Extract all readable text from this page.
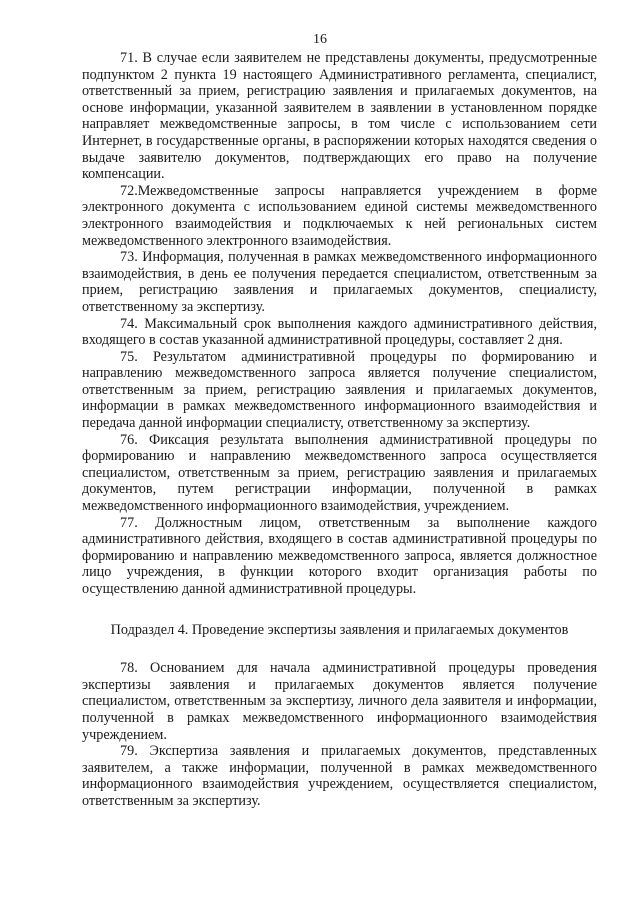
16

71. В случае если заявителем не представлены документы, предусмотренные подпунктом 2 пункта 19 настоящего Административного регламента, специалист, ответственный за прием, регистрацию заявления и прилагаемых документов, на основе информации, указанной заявителем в заявлении в установленном порядке направляет межведомственные запросы, в том числе с использованием сети Интернет, в государственные органы, в распоряжении которых находятся сведения о выдаче заявителю документов, подтверждающих его право на получение компенсации.

72.Межведомственные запросы направляется учреждением в форме электронного документа с использованием единой системы межведомственного электронного взаимодействия и подключаемых к ней региональных систем межведомственного электронного взаимодействия.

73. Информация, полученная в рамках межведомственного информационного взаимодействия, в день ее получения передается специалистом, ответственным за прием, регистрацию заявления и прилагаемых документов, специалисту, ответственному за экспертизу.

74. Максимальный срок выполнения каждого административного действия, входящего в состав указанной административной процедуры, составляет 2 дня.

75. Результатом административной процедуры по формированию и направлению межведомственного запроса является получение специалистом, ответственным за прием, регистрацию заявления и прилагаемых документов, информации в рамках межведомственного информационного взаимодействия и передача данной информации специалисту, ответственному за экспертизу.

76. Фиксация результата выполнения административной процедуры по формированию и направлению межведомственного запроса осуществляется специалистом, ответственным за прием, регистрацию заявления и прилагаемых документов, путем регистрации информации, полученной в рамках межведомственного информационного взаимодействия, учреждением.

77. Должностным лицом, ответственным за выполнение каждого административного действия, входящего в состав административной процедуры по формированию и направлению межведомственного запроса, является должностное лицо учреждения, в функции которого входит организация работы по осуществлению данной административной процедуры.

Подраздел 4. Проведение экспертизы заявления и прилагаемых документов

78. Основанием для начала административной процедуры проведения экспертизы заявления и прилагаемых документов является получение специалистом, ответственным за экспертизу, личного дела заявителя и информации, полученной в рамках межведомственного информационного взаимодействия учреждением.

79. Экспертиза заявления и прилагаемых документов, представленных заявителем, а также информации, полученной в рамках межведомственного информационного взаимодействия учреждением, осуществляется специалистом, ответственным за экспертизу.
